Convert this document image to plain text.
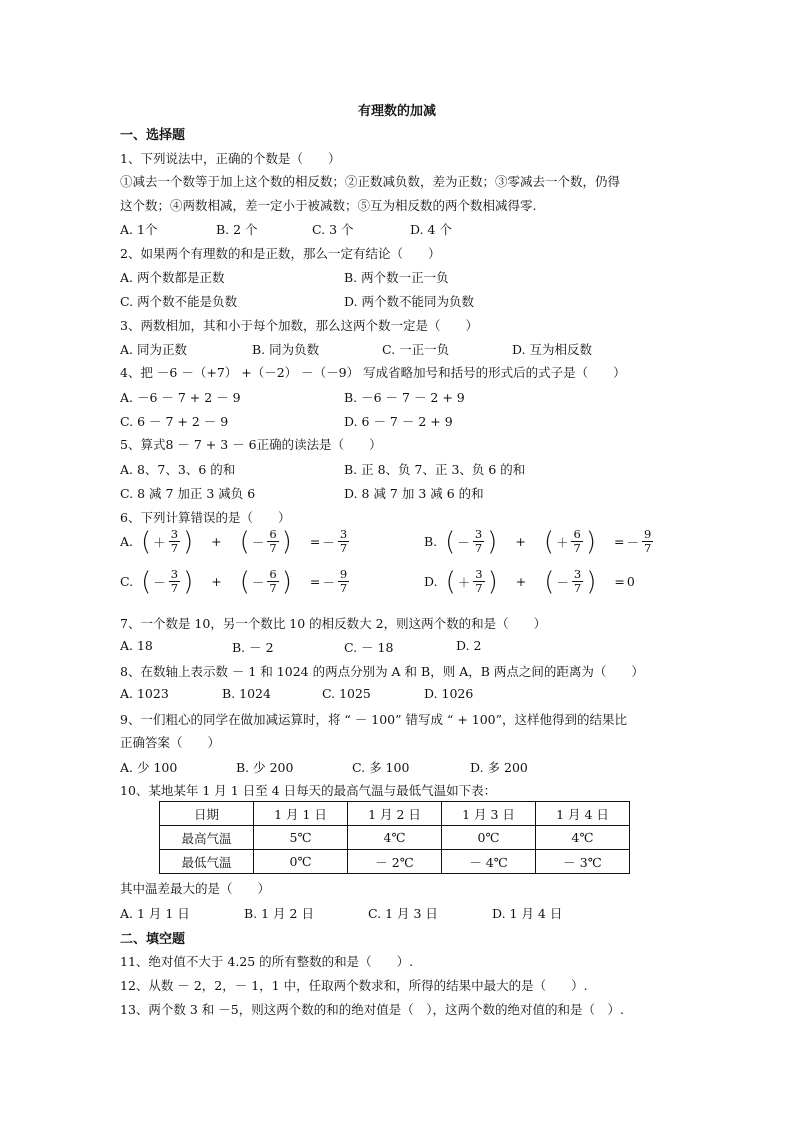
有理数的加减
一、选择题
1、下列说法中，正确的个数是（　　）
①减去一个数等于加上这个数的相反数；②正数减负数，差为正数；③零减去一个数，仍得
这个数；④两数相减，差一定小于被减数；⑤互为相反数的两个数相减得零.
A. 1个	B. 2 个	C. 3 个	D. 4 个
2、如果两个有理数的和是正数，那么一定有结论（　　）
A. 两个数都是正数	B. 两个数一正一负
C. 两个数不能是负数	D. 两个数不能同为负数
3、两数相加，其和小于每个加数，那么这两个数一定是（　　）
A. 同为正数	B. 同为负数	C. 一正一负	D. 互为相反数
4、把 －6 －（+7） +（－2） －（－9） 写成省略加号和括号的形式后的式子是（　　）
A. －6 － 7 + 2 － 9	B. －6 － 7 － 2 + 9
C. 6 － 7 + 2 － 9	D. 6 － 7 － 2 + 9
5、算式8 － 7 + 3 － 6正确的读法是（　　）
A. 8、7、3、6 的和	B. 正 8、负 7、正 3、负 6 的和
C. 8 减 7 加正 3 减负 6	D. 8 减 7 加 3 减 6 的和
6、下列计算错误的是（　　）
A. ( ＋ $\frac{3}{7}$ ) + ( － $\frac{6}{7}$ ) = － $\frac{3}{7}$	B. ( － $\frac{3}{7}$ ) + ( ＋ $\frac{6}{7}$ ) = － $\frac{9}{7}$
C. ( － $\frac{3}{7}$ ) + ( － $\frac{6}{7}$ ) = － $\frac{9}{7}$	D. ( ＋ $\frac{3}{7}$ ) + ( － $\frac{3}{7}$ ) = 0
7、一个数是 10，另一个数比 10 的相反数大 2，则这两个数的和是（　　）
A. 18	B. － 2	C. － 18	D. 2
8、在数轴上表示数 － 1 和 1024 的两点分别为 A 和 B，则 A，B 两点之间的距离为（　　）
A. 1023	B. 1024	C. 1025	D. 1026
9、一们粗心的同学在做加减运算时，将 “ － 100” 错写成 “ + 100”，这样他得到的结果比
正确答案（　　）
A. 少 100	B. 少 200	C. 多 100	D. 多 200
10、某地某年 1 月 1 日至 4 日每天的最高气温与最低气温如下表：
日期	1 月 1 日	1 月 2 日	1 月 3 日	1 月 4 日
最高气温	5℃	4℃	0℃	4℃
最低气温	0℃	－ 2℃	－ 4℃	－ 3℃
其中温差最大的是（　　）
A. 1 月 1 日	B. 1 月 2 日	C. 1 月 3 日	D. 1 月 4 日
二、填空题
11、绝对值不大于 4.25 的所有整数的和是（　　）.
12、从数 － 2，2，－ 1，1 中，任取两个数求和，所得的结果中最大的是（　　）.
13、两个数 3 和 －5，则这两个数的和的绝对值是（　），这两个数的绝对值的和是（　）.
